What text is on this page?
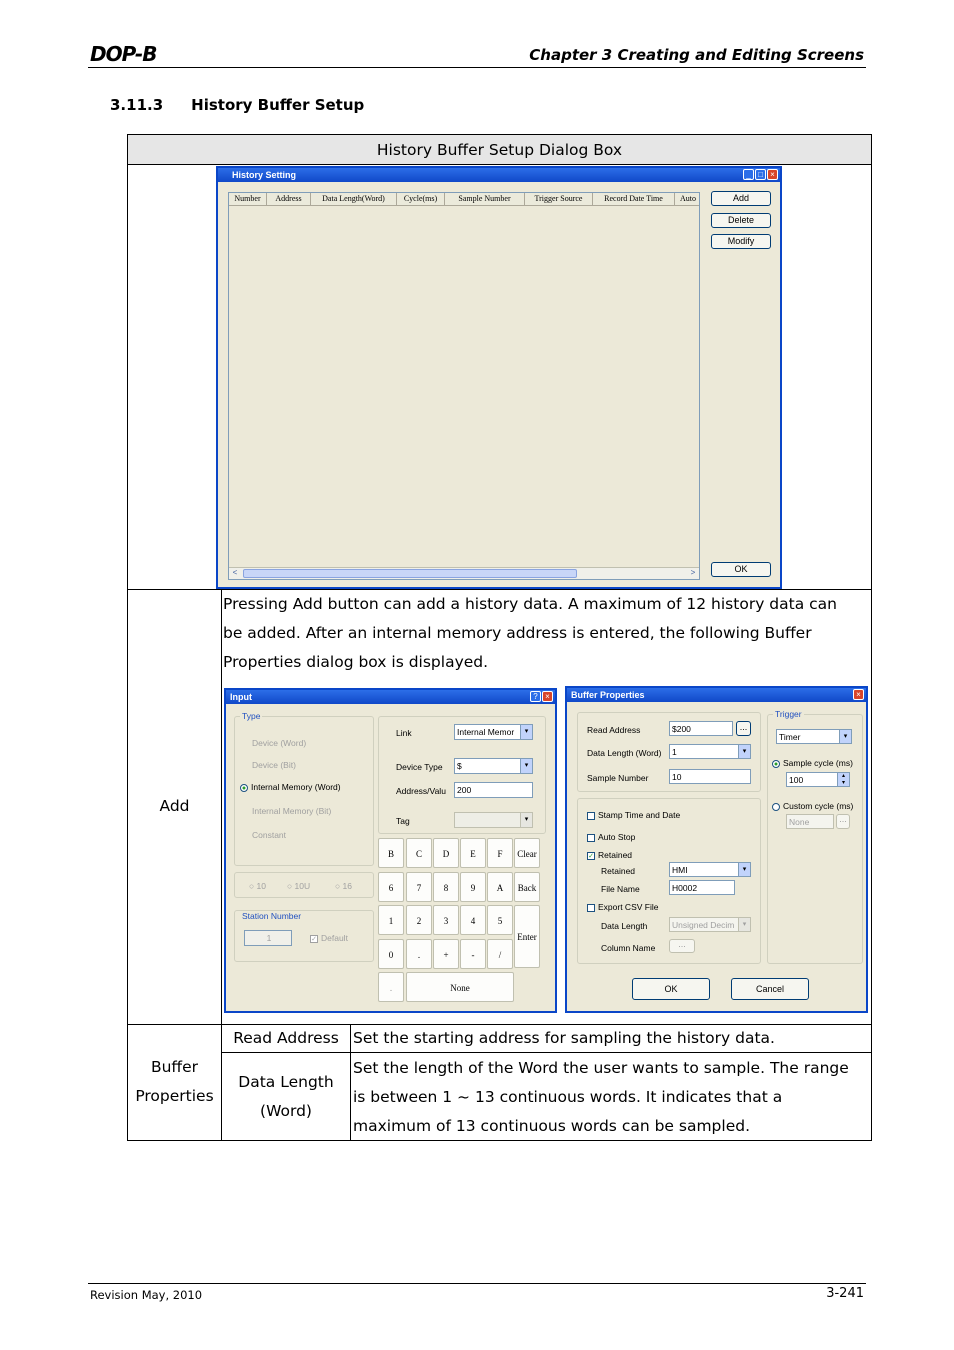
DOP-B	Chapter 3 Creating and Editing Screens
3.11.3 History Buffer Setup
History Buffer Setup Dialog Box
Add
Pressing Add button can add a history data. A maximum of 12 history data can
be added. After an internal memory address is entered, the following Buffer
Properties dialog box is displayed.
Buffer
Properties
Read Address Set the starting address for sampling the history data.
Data Length
(Word)
Set the length of the Word the user wants to sample. The range
is between 1 ~ 13 continuous words. It indicates that a
maximum of 13 continuous words can be sampled.
History Setting	_ □ ×
Number	Address	Data Length(Word)	Cycle(ms)	Sample Number	Trigger Source	Record Date Time	Auto
<	>
Add
Delete
Modify
OK
Input	? ×
Type
Device (Word)
Device (Bit)
Internal Memory (Word)
Internal Memory (Bit)
Constant
Link	Internal Memor	▾
Device Type	$	▾
Address/Valu	200
Tag	▾
○ 10 ○ 10U	○ 16
Station Number
1	✓ Default
B	C	D	E	F	Clear
6	7	8	9	A	Back
1	2	3	4	5
Enter
0	.	+	-	/
None
.
Buffer Properties	×
Read Address	$200	...
Data Length (Word)	1	▾
Sample Number	10
Stamp Time and Date
Auto Stop
✓ Retained
Retained	HMI	▾
File Name	H0002
Export CSV File
Data Length	Unsigned Decim	▾
Column Name	...
Trigger
Timer	▾
Sample cycle (ms)
100	▴
▾
Custom cycle (ms)
None	...
OK	Cancel
Revision May, 2010	3-241
